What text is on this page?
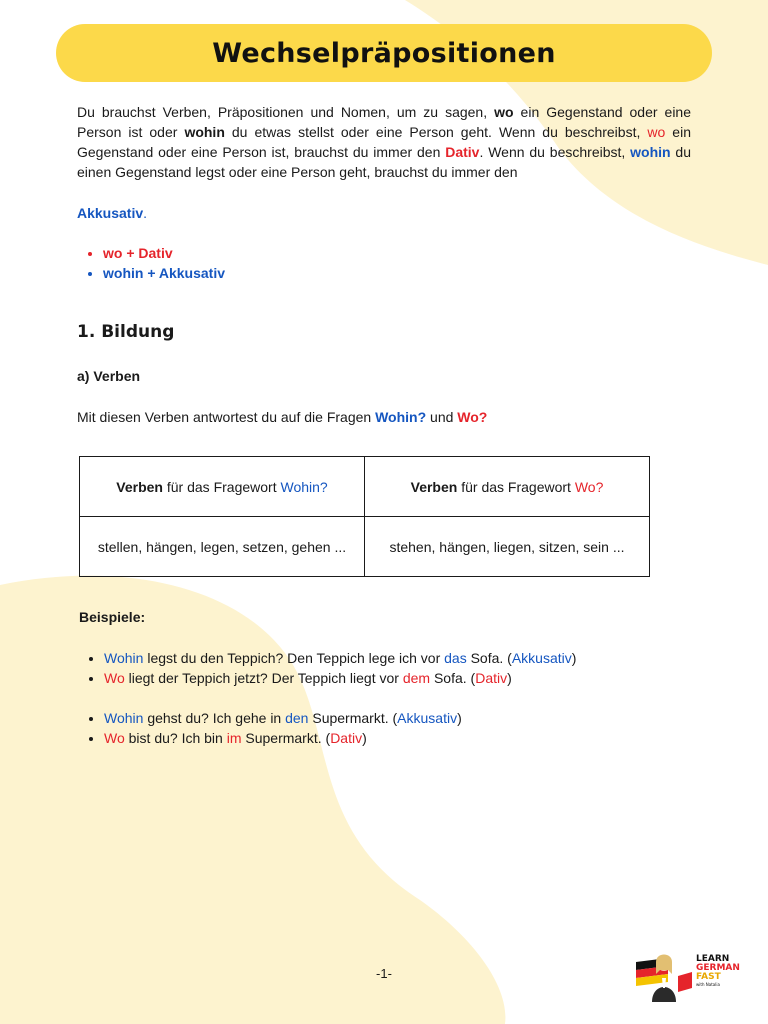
Wechselpräpositionen
Du brauchst Verben, Präpositionen und Nomen, um zu sagen, wo ein Gegenstand oder eine Person ist oder wohin du etwas stellst oder eine Person geht. Wenn du beschreibst, wo ein Gegenstand oder eine Person ist, brauchst du immer den Dativ. Wenn du beschreibst, wohin du einen Gegenstand legst oder eine Person geht, brauchst du immer den
Akkusativ.
• wo + Dativ
• wohin + Akkusativ
1. Bildung
a) Verben
Mit diesen Verben antwortest du auf die Fragen Wohin? und Wo?
Verben für das Fragewort Wohin?	Verben für das Fragewort Wo?
stellen, hängen, legen, setzen, gehen ...	stehen, hängen, liegen, sitzen, sein ...
Beispiele:
• Wohin legst du den Teppich? Den Teppich lege ich vor das Sofa. (Akkusativ)
• Wo liegt der Teppich jetzt? Der Teppich liegt vor dem Sofa. (Dativ)
• Wohin gehst du? Ich gehe in den Supermarkt. (Akkusativ)
• Wo bist du? Ich bin im Supermarkt. (Dativ)
-1-
LEARN
GERMAN
FAST
with Natalia
